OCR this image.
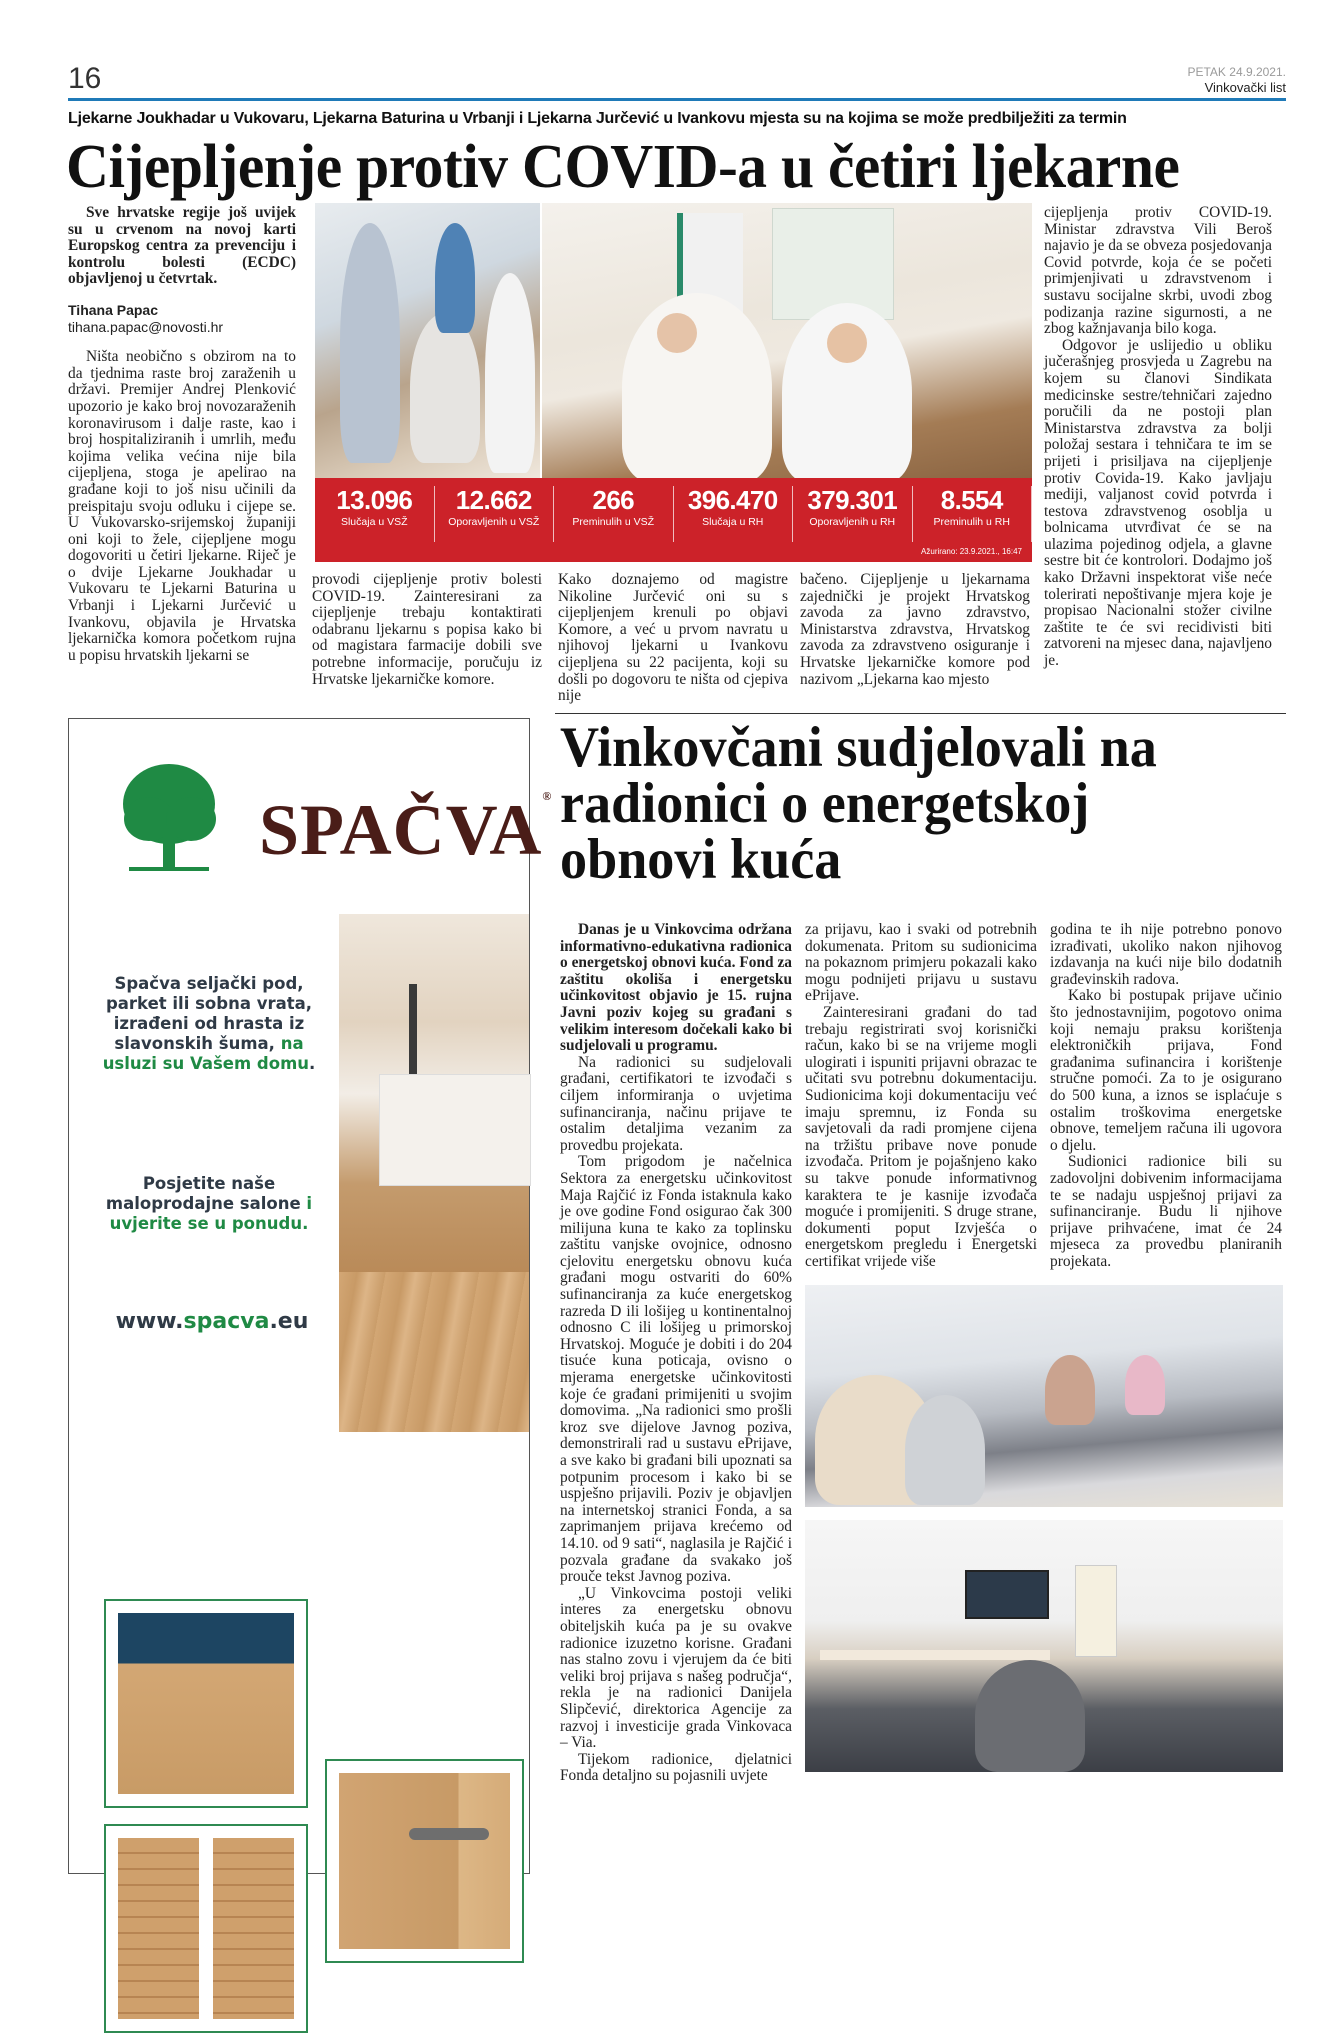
16	PETAK 24.9.2021.
Vinkovački list
Ljekarne Joukhadar u Vukovaru, Ljekarna Baturina u Vrbanji i Ljekarna Jurčević u Ivankovu mjesta su na kojima se može predbilježiti za termin
Cijepljenje protiv COVID-a u četiri ljekarne

Sve hrvatske regije još uvijek su u crvenom na novoj karti Europskog centra za prevenciju i kontrolu bolesti (ECDC) objavljenoj u četvrtak.

Tihana Papac
tihana.papac@novosti.hr

Ništa neobično s obzirom na to da tjednima raste broj zaraženih u državi. Premijer Andrej Plenković upozorio je kako broj novozaraženih koronavirusom i dalje raste, kao i broj hospitaliziranih i umrlih, među kojima velika većina nije bila cijepljena, stoga je apelirao na građane koji to još nisu učinili da preispitaju svoju odluku i cijepe se. U Vukovarsko-srijemskoj županiji oni koji to žele, cijepljene mogu dogovoriti u četiri ljekarne. Riječ je o dvije Ljekarne Joukhadar u Vukovaru te Ljekarni Baturina u Vrbanji i Ljekarni Jurčević u Ivankovu, objavila je Hrvatska ljekarnička komora početkom rujna u popisu hrvatskih ljekarni se

13.096
Slučaja u VSŽ
12.662
Oporavljenih u VSŽ
266
Preminulih u VSŽ
396.470
Slučaja u RH
379.301
Oporavljenih u RH
8.554
Preminulih u RH
Ažurirano: 23.9.2021., 16:47

provodi cijepljenje protiv bolesti COVID-19. Zainteresirani za cijepljenje trebaju kontaktirati odabranu ljekarnu s popisa kako bi od magistara farmacije dobili sve potrebne informacije, poručuju iz Hrvatske ljekarničke komore.

Kako doznajemo od magistre Nikoline Jurčević oni su s cijepljenjem krenuli po objavi Komore, a već u prvom navratu u njihovoj ljekarni u Ivankovu cijepljena su 22 pacijenta, koji su došli po dogovoru te ništa od cjepiva nije

bačeno. Cijepljenje u ljekarnama zajednički je projekt Hrvatskog zavoda za javno zdravstvo, Ministarstva zdravstva, Hrvatskog zavoda za zdravstveno osiguranje i Hrvatske ljekarničke komore pod nazivom „Ljekarna kao mjesto

cijepljenja protiv COVID-19. Ministar zdravstva Vili Beroš najavio je da se obveza posjedovanja Covid potvrde, koja će se početi primjenjivati u zdravstvenom i sustavu socijalne skrbi, uvodi zbog podizanja razine sigurnosti, a ne zbog kažnjavanja bilo koga.

Odgovor je uslijedio u obliku jučerašnjeg prosvjeda u Zagrebu na kojem su članovi Sindikata medicinske sestre/tehničari zajedno poručili da ne postoji plan Ministarstva zdravstva za bolji položaj sestara i tehničara te im se prijeti i prisiljava na cijepljenje protiv Covida-19. Kako javljaju mediji, valjanost covid potvrda i testova zdravstvenog osoblja u bolnicama utvrđivat će se na ulazima pojedinog odjela, a glavne sestre bit će kontrolori. Dodajmo još kako Državni inspektorat više neće tolerirati nepoštivanje mjera koje je propisao Nacionalni stožer civilne zaštite te će svi recidivisti biti zatvoreni na mjesec dana, najavljeno je.

SPAČVA®
Spačva seljački pod, parket ili sobna vrata, izrađeni od hrasta iz slavonskih šuma, na usluzi su Vašem domu.
Posjetite naše maloprodajne salone i uvjerite se u ponudu.
www.spacva.eu
Vinkovčani sudjelovali na radionici o energetskoj obnovi kuća

Danas je u Vinkovcima održana informativno-edukativna radionica o energetskoj obnovi kuća. Fond za zaštitu okoliša i energetsku učinkovitost objavio je 15. rujna Javni poziv kojeg su građani s velikim interesom dočekali kako bi sudjelovali u programu.

Na radionici su sudjelovali građani, certifikatori te izvođači s ciljem informiranja o uvjetima sufinanciranja, načinu prijave te ostalim detaljima vezanim za provedbu projekata.

Tom prigodom je načelnica Sektora za energetsku učinkovitost Maja Rajčić iz Fonda istaknula kako je ove godine Fond osigurao čak 300 milijuna kuna te kako za toplinsku zaštitu vanjske ovojnice, odnosno cjelovitu energetsku obnovu kuća građani mogu ostvariti do 60% sufinanciranja za kuće energetskog razreda D ili lošijeg u kontinentalnoj odnosno C ili lošijeg u primorskoj Hrvatskoj. Moguće je dobiti i do 204 tisuće kuna poticaja, ovisno o mjerama energetske učinkovitosti koje će građani primijeniti u svojim domovima. „Na radionici smo prošli kroz sve dijelove Javnog poziva, demonstrirali rad u sustavu ePrijave, a sve kako bi građani bili upoznati sa potpunim procesom i kako bi se uspješno prijavili. Poziv je objavljen na internetskoj stranici Fonda, a sa zaprimanjem prijava krećemo od 14.10. od 9 sati“, naglasila je Rajčić i pozvala građane da svakako još prouče tekst Javnog poziva.

„U Vinkovcima postoji veliki interes za energetsku obnovu obiteljskih kuća pa je su ovakve radionice izuzetno korisne. Građani nas stalno zovu i vjerujem da će biti veliki broj prijava s našeg područja“, rekla je na radionici Danijela Slipčević, direktorica Agencije za razvoj i investicije grada Vinkovaca – Via.

Tijekom radionice, djelatnici Fonda detaljno su pojasnili uvjete

za prijavu, kao i svaki od potrebnih dokumenata. Pritom su sudionicima na pokaznom primjeru pokazali kako mogu podnijeti prijavu u sustavu ePrijave.

Zainteresirani građani do tad trebaju registrirati svoj korisnički račun, kako bi se na vrijeme mogli ulogirati i ispuniti prijavni obrazac te učitati svu potrebnu dokumentaciju. Sudionicima koji dokumentaciju već imaju spremnu, iz Fonda su savjetovali da radi promjene cijena na tržištu pribave nove ponude izvođača. Pritom je pojašnjeno kako su takve ponude informativnog karaktera te je kasnije izvođača moguće i promijeniti. S druge strane, dokumenti poput Izvješća o energetskom pregledu i Energetski certifikat vrijede više

godina te ih nije potrebno ponovo izrađivati, ukoliko nakon njihovog izdavanja na kući nije bilo dodatnih građevinskih radova.

Kako bi postupak prijave učinio što jednostavnijim, pogotovo onima koji nemaju praksu korištenja elektroničkih prijava, Fond građanima sufinancira i korištenje stručne pomoći. Za to je osigurano do 500 kuna, a iznos se isplaćuje s ostalim troškovima energetske obnove, temeljem računa ili ugovora o djelu.

Sudionici radionice bili su zadovoljni dobivenim informacijama te se nadaju uspješnoj prijavi za sufinanciranje. Budu li njihove prijave prihvaćene, imat će 24 mjeseca za provedbu planiranih projekata.
